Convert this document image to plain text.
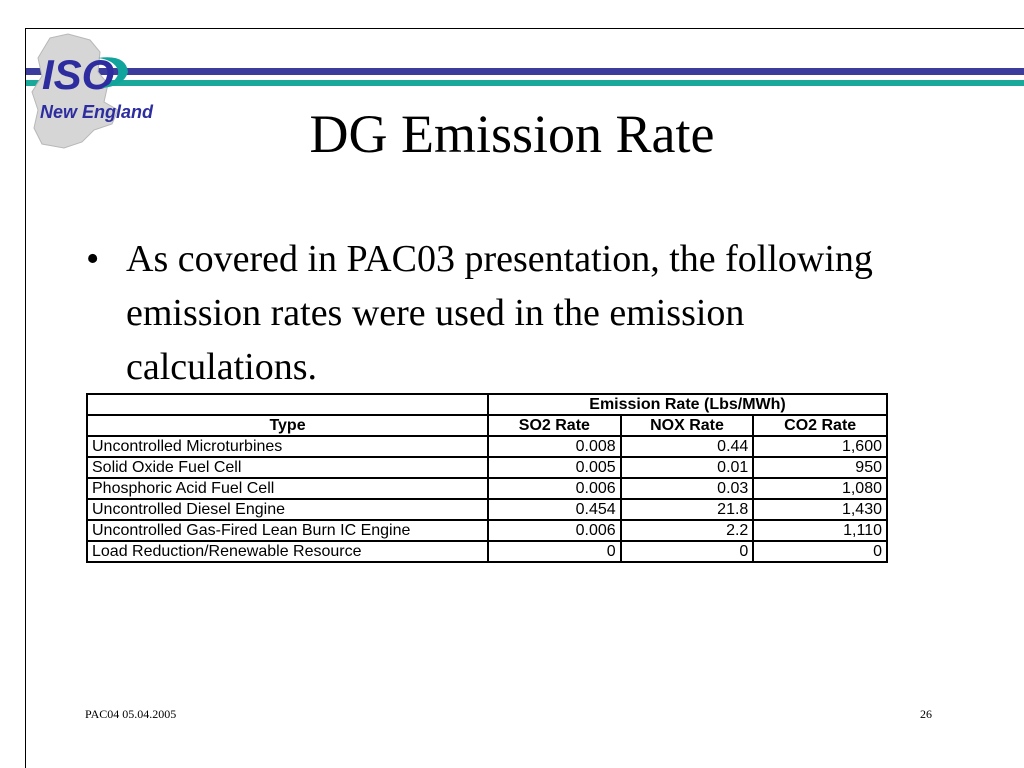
ISO
New England	DG Emission Rate
• As covered in PAC03 presentation, the following emission rates were used in the emission calculations.
	Emission Rate (Lbs/MWh)		
Type	SO2 Rate	NOX Rate	CO2 Rate
Uncontrolled Microturbines	0.008	0.44	1,600
Solid Oxide Fuel Cell	0.005	0.01	950
Phosphoric Acid Fuel Cell	0.006	0.03	1,080
Uncontrolled Diesel Engine	0.454	21.8	1,430
Uncontrolled Gas-Fired Lean Burn IC Engine	0.006	2.2	1,110
Load Reduction/Renewable Resource	0	0	0
PAC04 05.04.2005	26
